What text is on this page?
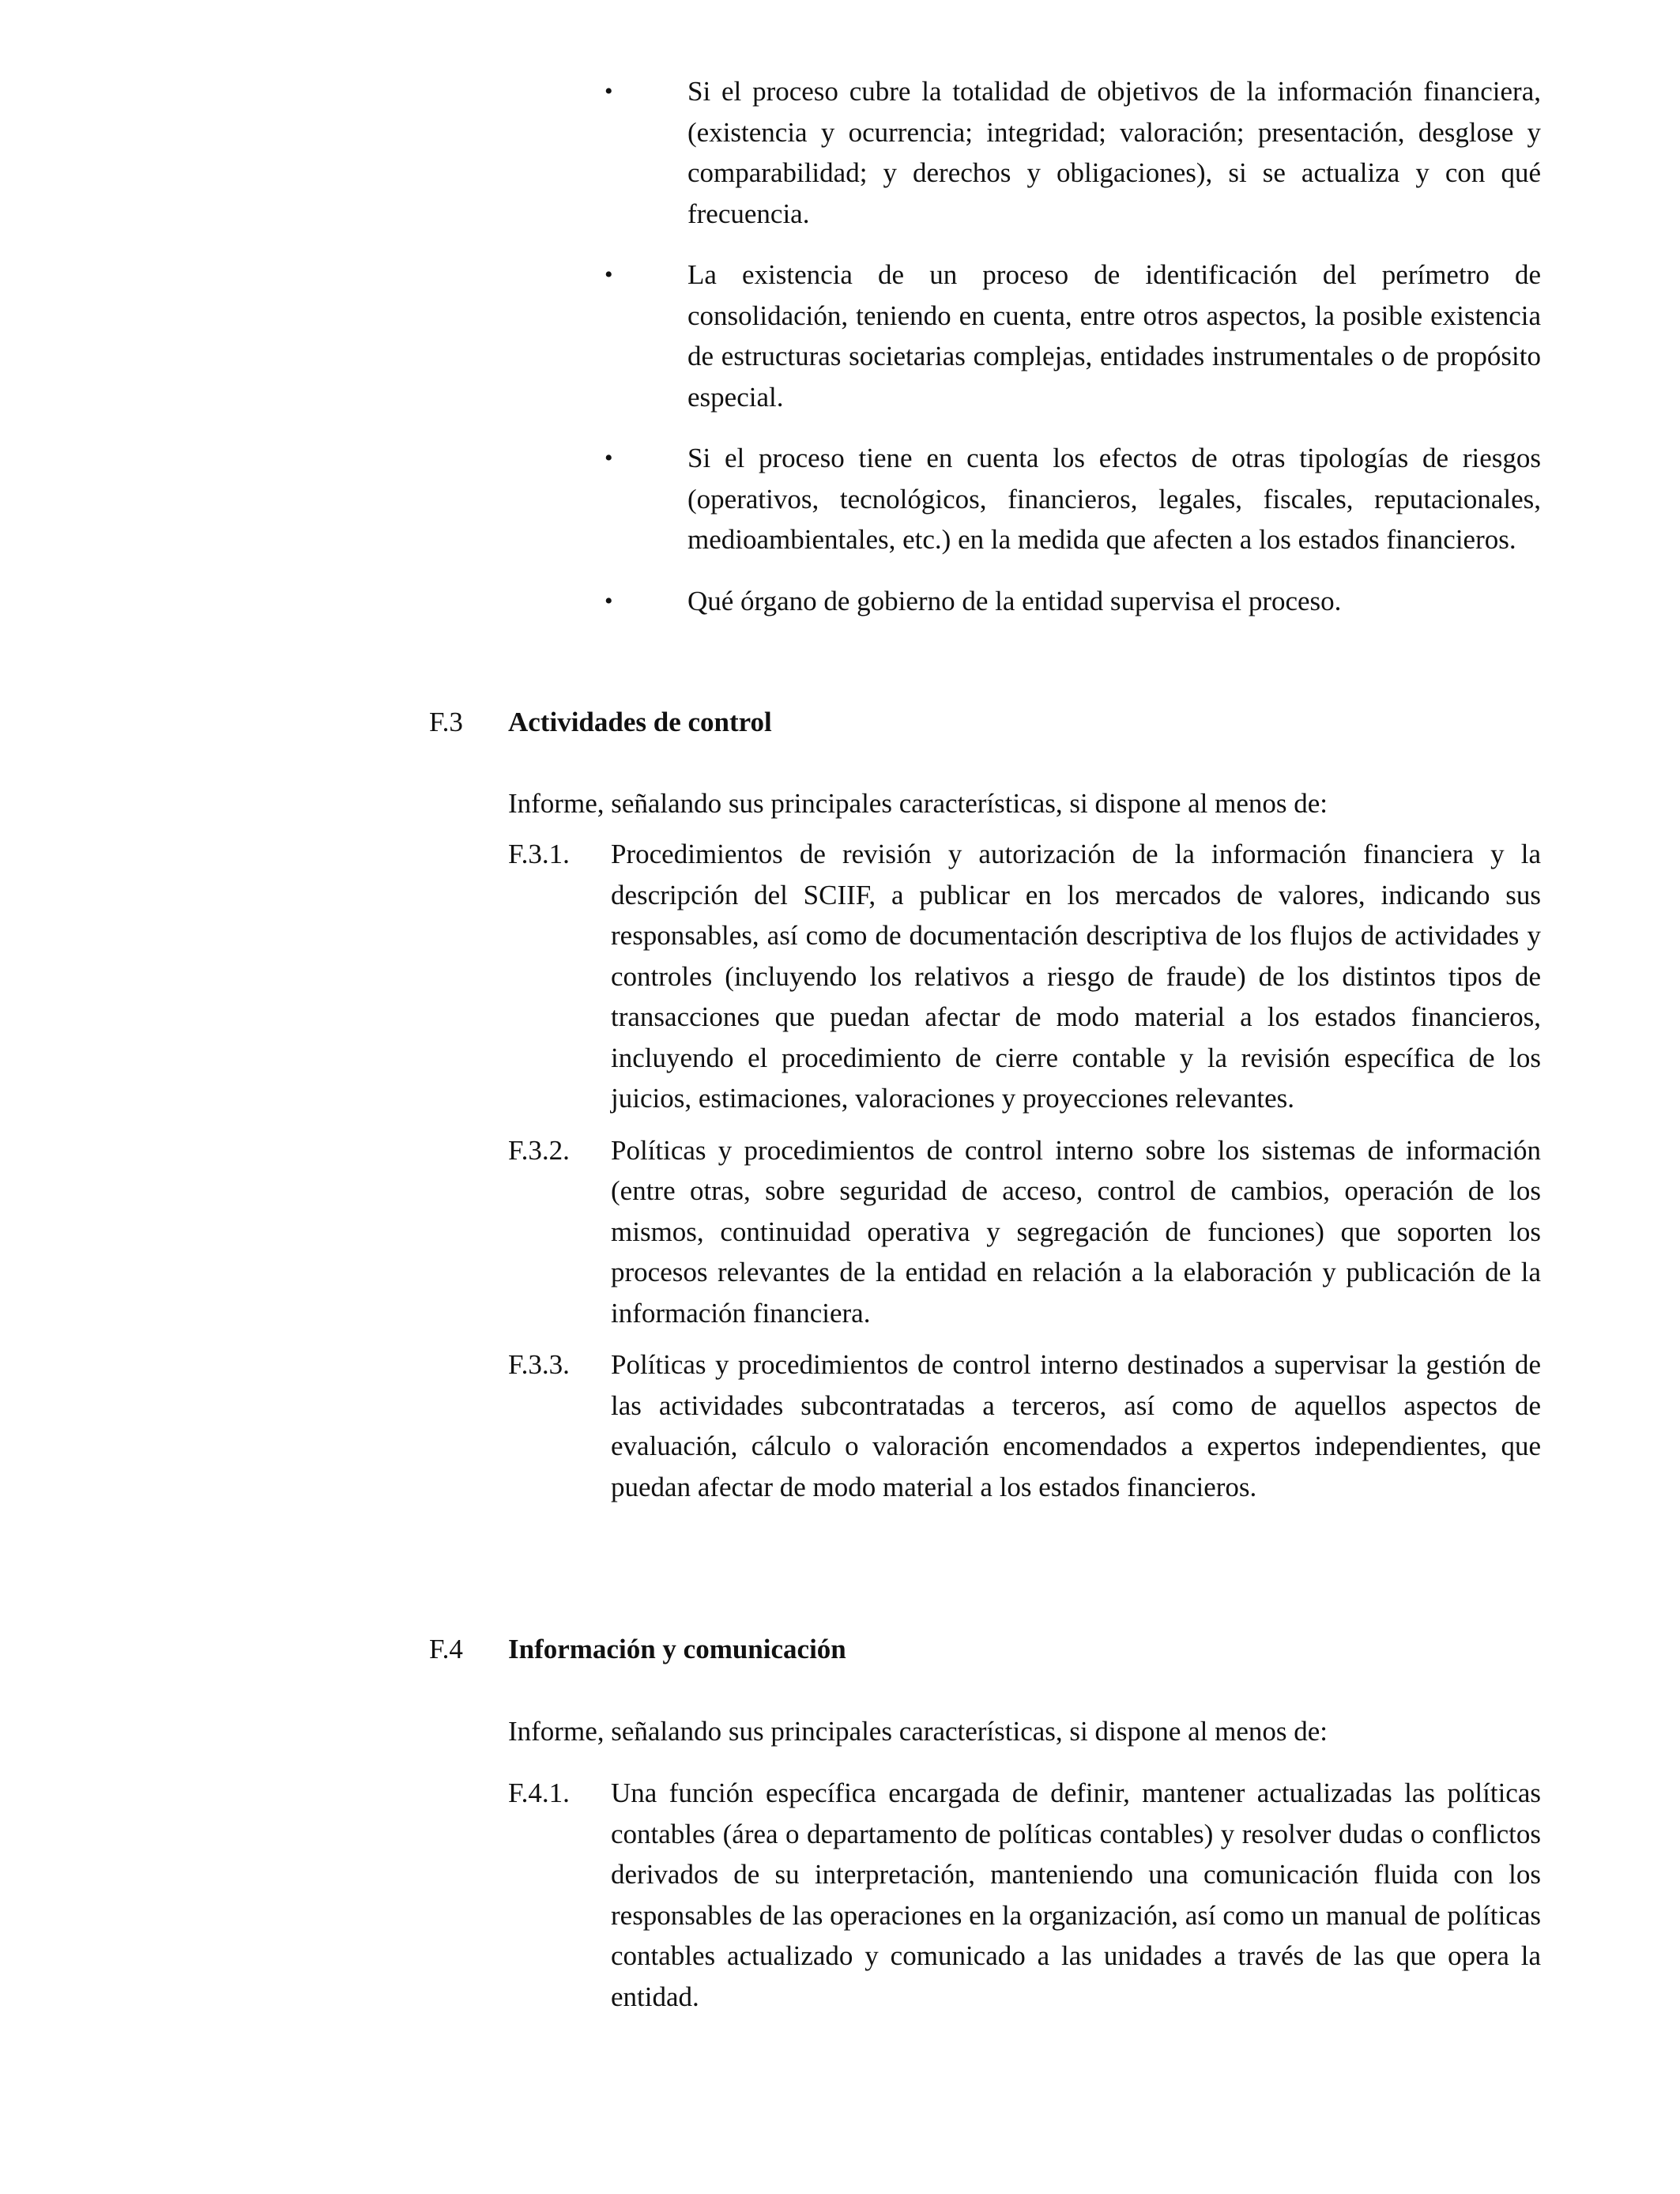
•	Si el proceso cubre la totalidad de objetivos de la información financiera, (existencia y ocurrencia; integridad; valoración; presentación, desglose y comparabilidad; y derechos y obligaciones), si se actualiza y con qué frecuencia.
•	La existencia de un proceso de identificación del perímetro de consolidación, teniendo en cuenta, entre otros aspectos, la posible existencia de estructuras societarias complejas, entidades instrumentales o de propósito especial.
•	Si el proceso tiene en cuenta los efectos de otras tipologías de riesgos (operativos, tecnológicos, financieros, legales, fiscales, reputacionales, medioambientales, etc.) en la medida que afecten a los estados financieros.
•	Qué órgano de gobierno de la entidad supervisa el proceso.
F.3 Actividades de control
Informe, señalando sus principales características, si dispone al menos de:
F.3.1. Procedimientos de revisión y autorización de la información financiera y la descripción del SCIIF, a publicar en los mercados de valores, indicando sus responsables, así como de documentación descriptiva de los flujos de actividades y controles (incluyendo los relativos a riesgo de fraude) de los distintos tipos de transacciones que puedan afectar de modo material a los estados financieros, incluyendo el procedimiento de cierre contable y la revisión específica de los juicios, estimaciones, valoraciones y proyecciones relevantes.
F.3.2. Políticas y procedimientos de control interno sobre los sistemas de información (entre otras, sobre seguridad de acceso, control de cambios, operación de los mismos, continuidad operativa y segregación de funciones) que soporten los procesos relevantes de la entidad en relación a la elaboración y publicación de la información financiera.
F.3.3. Políticas y procedimientos de control interno destinados a supervisar la gestión de las actividades subcontratadas a terceros, así como de aquellos aspectos de evaluación, cálculo o valoración encomendados a expertos independientes, que puedan afectar de modo material a los estados financieros.
F.4 Información y comunicación
Informe, señalando sus principales características, si dispone al menos de:
F.4.1. Una función específica encargada de definir, mantener actualizadas las políticas contables (área o departamento de políticas contables) y resolver dudas o conflictos derivados de su interpretación, manteniendo una comunicación fluida con los responsables de las operaciones en la organización, así como un manual de políticas contables actualizado y comunicado a las unidades a través de las que opera la entidad.
